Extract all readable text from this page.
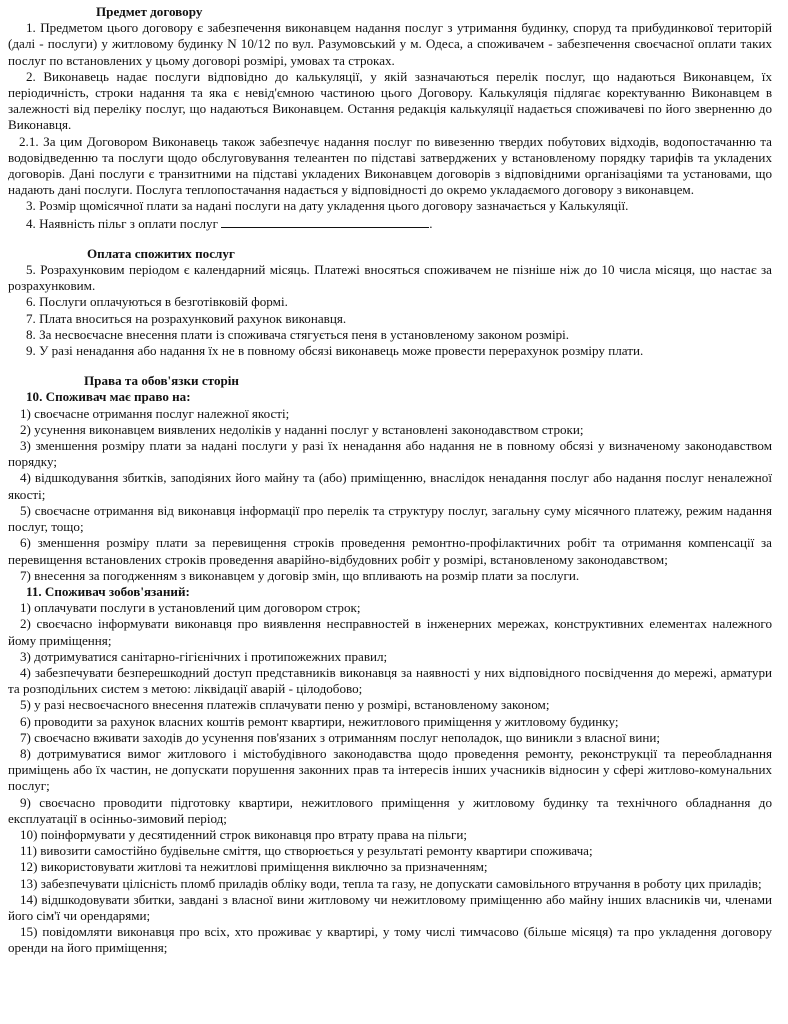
Предмет договору

1. Предметом цього договору є забезпечення виконавцем надання послуг з утримання будинку, споруд та прибудинкової територій (далі - послуги) у житловому будинку N 10/12 по вул. Разумовський у м. Одеса, а споживачем - забезпечення своєчасної оплати таких послуг по встановлених у цьому договорі розмірі, умовах та строках.

2. Виконавець надає послуги відповідно до калькуляції, у якій зазначаються перелік послуг, що надаються Виконавцем, їх періодичність, строки надання та яка є невід'ємною частиною цього Договору. Калькуляція підлягає коректуванню Виконавцем в залежності від переліку послуг, що надаються Виконавцем. Остання редакція калькуляції надається споживачеві по його зверненню до Виконавця.

2.1. За цим Договором Виконавець також забезпечує надання послуг по вивезенню твердих побутових відходів, водопостачанню та водовідведенню та послуги щодо обслуговування телеантен по підставі затверджених у встановленому порядку тарифів та укладених договорів. Дані послуги є транзитними на підставі укладених Виконавцем договорів з відповідними організаціями та установами, що надають дані послуги. Послуга теплопостачання надається у відповідності до окремо укладаємого договору з виконавцем.

3. Розмір щомісячної плати за надані послуги на дату укладення цього договору зазначається у Калькуляції.

4. Наявність пільг з оплати послуг	.

Оплата спожитих послуг

5. Розрахунковим періодом є календарний місяць. Платежі вносяться споживачем не пізніше ніж до 10 числа місяця, що настає за розрахунковим.

6. Послуги оплачуються в безготівковій формі.

7. Плата вноситься на розрахунковий рахунок виконавця.

8. За несвоєчасне внесення плати із споживача стягується пеня в установленому законом розмірі.

9. У разі ненадання або надання їх не в повному обсязі виконавець може провести перерахунок розміру плати.

Права та обов'язки сторін
10. Споживач має право на:

1) своєчасне отримання послуг належної якості;

2) усунення виконавцем виявлених недоліків у наданні послуг у встановлені законодавством строки;

3) зменшення розміру плати за надані послуги у разі їх ненадання або надання не в повному обсязі у визначеному законодавством порядку;

4) відшкодування збитків, заподіяних його майну та (або) приміщенню, внаслідок ненадання послуг або надання послуг неналежної якості;

5) своєчасне отримання від виконавця інформації про перелік та структуру послуг, загальну суму місячного платежу, режим надання послуг, тощо;

6) зменшення розміру плати за перевищення строків проведення ремонтно-профілактичних робіт та отримання компенсації за перевищення встановлених строків проведення аварійно-відбудовних робіт у розмірі, встановленому законодавством;

7) внесення за погодженням з виконавцем у договір змін, що впливають на розмір плати за послуги.

11. Споживач зобов'язаний:

1) оплачувати послуги в установлений цим договором строк;

2) своєчасно інформувати виконавця про виявлення несправностей в інженерних мережах, конструктивних елементах належного йому приміщення;

3) дотримуватися санітарно-гігієнічних і протипожежних правил;

4) забезпечувати безперешкодний доступ представників виконавця за наявності у них відповідного посвідчення до мережі, арматури та розподільних систем з метою: ліквідації аварій - цілодобово;

5) у разі несвоєчасного внесення платежів сплачувати пеню у розмірі, встановленому законом;

6) проводити за рахунок власних коштів ремонт квартири, нежитлового приміщення у житловому будинку;

7) своєчасно вживати заходів до усунення пов'язаних з отриманням послуг неполадок, що виникли з власної вини;

8) дотримуватися вимог житлового і містобудівного законодавства щодо проведення ремонту, реконструкції та переобладнання приміщень або їх частин, не допускати порушення законних прав та інтересів інших учасників відносин у сфері житлово-комунальних послуг;

9) своєчасно проводити підготовку квартири, нежитлового приміщення у житловому будинку та технічного обладнання до експлуатації в осінньо-зимовий період;

10) поінформувати у десятиденний строк виконавця про втрату права на пільги;

11) вивозити самостійно будівельне сміття, що створюється у результаті ремонту квартири споживача;

12) використовувати житлові та нежитлові приміщення виключно за призначенням;

13) забезпечувати цілісність пломб приладів обліку води, тепла та газу, не допускати самовільного втручання в роботу цих приладів;

14) відшкодовувати збитки, завдані з власної вини житловому чи нежитловому приміщенню або майну інших власників чи, членами його сім'ї чи орендарями;

15) повідомляти виконавця про всіх, хто проживає у квартирі, у тому числі тимчасово (більше місяця) та про укладення договору оренди на його приміщення;
